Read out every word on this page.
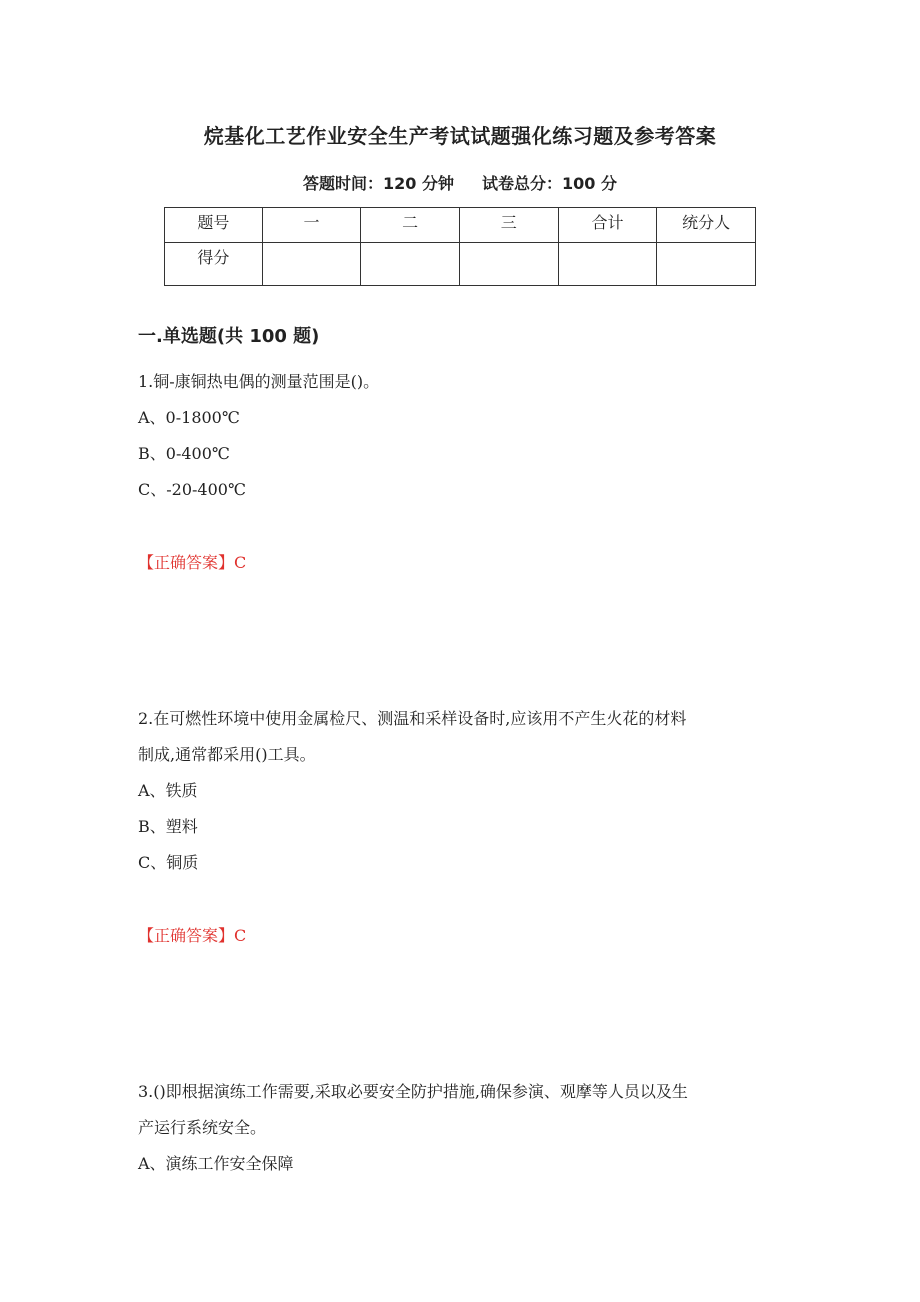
烷基化工艺作业安全生产考试试题强化练习题及参考答案
答题时间：120 分钟 试卷总分：100 分
题号	一	二	三	合计	统分人
得分					
一.单选题(共 100 题)
1.铜-康铜热电偶的测量范围是()。
A、0-1800℃
B、0-400℃
C、-20-400℃
【正确答案】C
2.在可燃性环境中使用金属检尺、测温和采样设备时,应该用不产生火花的材料
制成,通常都采用()工具。
A、铁质
B、塑料
C、铜质
【正确答案】C
3.()即根据演练工作需要,采取必要安全防护措施,确保参演、观摩等人员以及生
产运行系统安全。
A、演练工作安全保障
